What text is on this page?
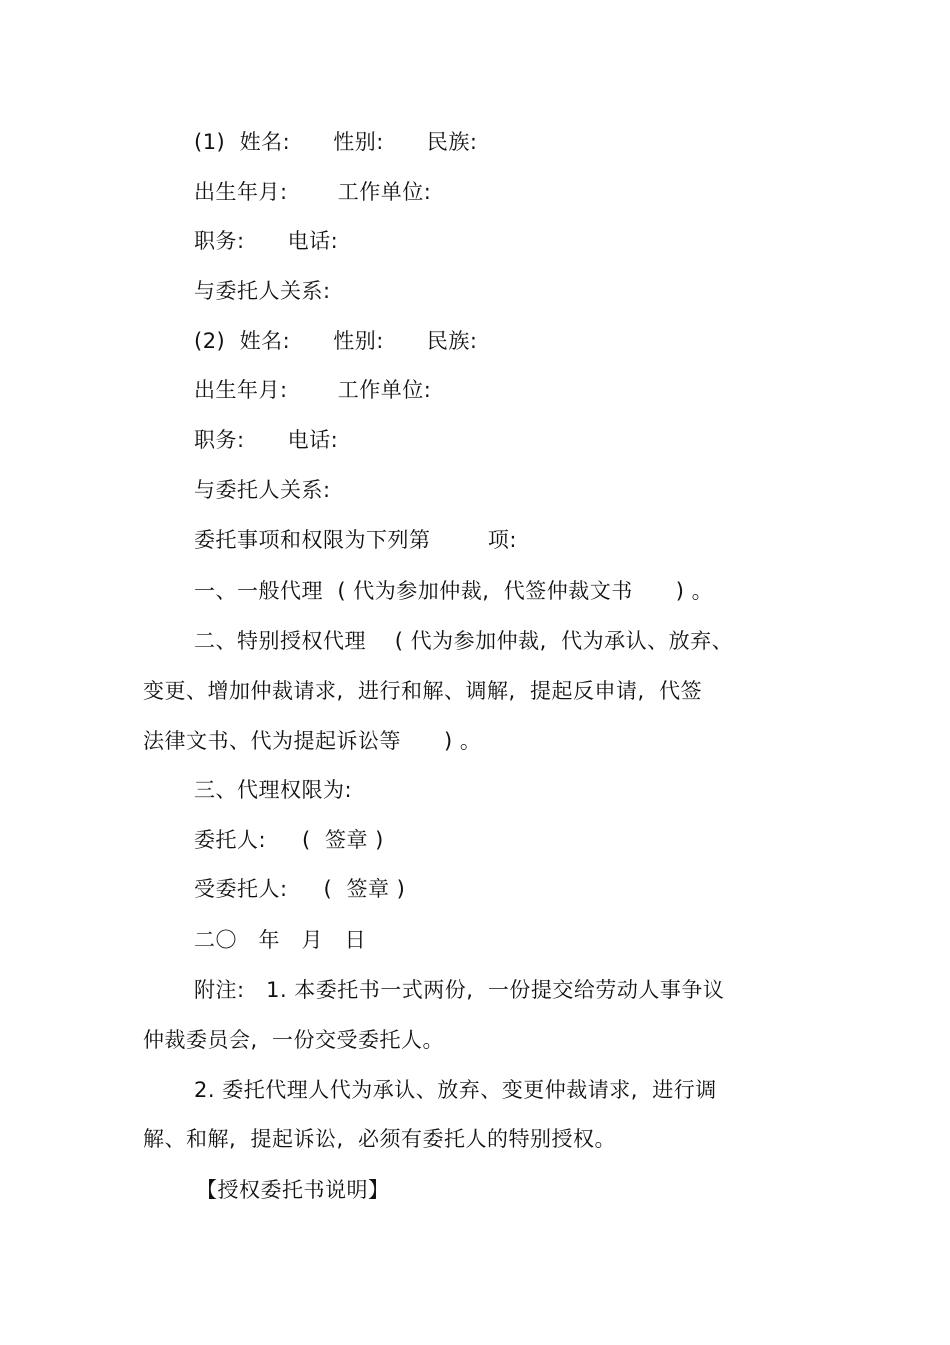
(1)  姓名:      性别:      民族:
出生年月:       工作单位:
职务:      电话:
与委托人关系:
(2)  姓名:      性别:      民族:
出生年月:       工作单位:
职务:      电话:
与委托人关系:
委托事项和权限为下列第        项:
一、一般代理  ( 代为参加仲裁,  代签仲裁文书      ) 。
二、特别授权代理    ( 代为参加仲裁,  代为承认、放弃、
变更、增加仲裁请求,  进行和解、调解,  提起反申请,  代签
法律文书、代为提起诉讼等      ) 。
三、代理权限为:
委托人:     (  签章 )
受委托人:     (  签章 )
二〇   年   月   日
附注:   1. 本委托书一式两份,  一份提交给劳动人事争议
仲裁委员会,  一份交受委托人。
2. 委托代理人代为承认、放弃、变更仲裁请求,  进行调
解、和解,  提起诉讼,  必须有委托人的特别授权。
【授权委托书说明】
